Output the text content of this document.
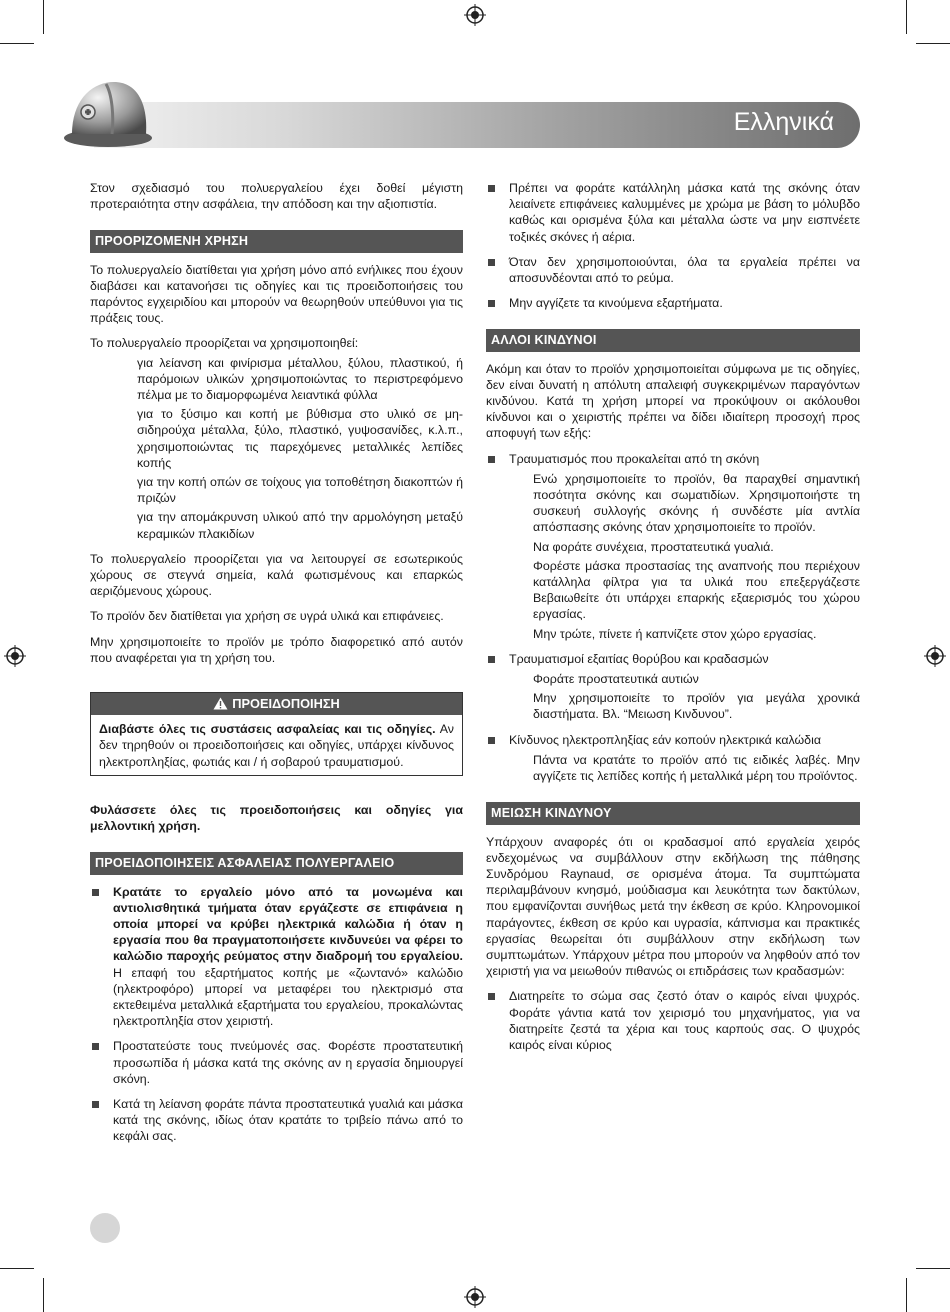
Ελληνικά

Στον σχεδιασμό του πολυεργαλείου έχει δοθεί μέγιστη προτεραιότητα στην ασφάλεια, την απόδοση και την αξιοπιστία.

ΠΡΟΟΡΙΖΟΜΕΝΗ ΧΡΗΣΗ

Το πολυεργαλείο διατίθεται για χρήση μόνο από ενήλικες που έχουν διαβάσει και κατανοήσει τις οδηγίες και τις προειδοποιήσεις του παρόντος εγχειριδίου και μπορούν να θεωρηθούν υπεύθυνοι για τις πράξεις τους.

Το πολυεργαλείο προορίζεται να χρησιμοποιηθεί:

για λείανση και φινίρισμα μέταλλου, ξύλου, πλαστικού, ή παρόμοιων υλικών χρησιμοποιώντας το περιστρεφόμενο πέλμα με το διαμορφωμένα λειαντικά φύλλα

για το ξύσιμο και κοπή με βύθισμα στο υλικό σε μη-σιδηρούχα μέταλλα, ξύλο, πλαστικό, γυψοσανίδες, κ.λ.π., χρησιμοποιώντας τις παρεχόμενες μεταλλικές λεπίδες κοπής

για την κοπή οπών σε τοίχους για τοποθέτηση διακοπτών ή πριζών

για την απομάκρυνση υλικού από την αρμολόγηση μεταξύ κεραμικών πλακιδίων

Το πολυεργαλείο προορίζεται για να λειτουργεί σε εσωτερικούς χώρους σε στεγνά σημεία, καλά φωτισμένους και επαρκώς αεριζόμενους χώρους.

Το προϊόν δεν διατίθεται για χρήση σε υγρά υλικά και επιφάνειες.

Μην χρησιμοποιείτε το προϊόν με τρόπο διαφορετικό από αυτόν που αναφέρεται για τη χρήση του.

ΠΡΟΕΙΔΟΠΟΙΗΣΗ
Διαβάστε όλες τις συστάσεις ασφαλείας και τις οδηγίες. Αν δεν τηρηθούν οι προειδοποιήσεις και οδηγίες, υπάρχει κίνδυνος ηλεκτροπληξίας, φωτιάς και / ή σοβαρού τραυματισμού.

Φυλάσσετε όλες τις προειδοποιήσεις και οδηγίες για μελλοντική χρήση.

ΠΡΟΕΙΔΟΠΟΙΗΣΕΙΣ ΑΣΦΑΛΕΙΑΣ ΠΟΛΥΕΡΓΑΛΕΙΟ
Κρατάτε το εργαλείο μόνο από τα μονωμένα και αντιολισθητικά τμήματα όταν εργάζεστε σε επιφάνεια η οποία μπορεί να κρύβει ηλεκτρικά καλώδια ή όταν η εργασία που θα πραγματοποιήσετε κινδυνεύει να φέρει το καλώδιο παροχής ρεύματος στην διαδρομή του εργαλείου. Η επαφή του εξαρτήματος κοπής με «ζωντανό» καλώδιο (ηλεκτροφόρο) μπορεί να μεταφέρει του ηλεκτρισμό στα εκτεθειμένα μεταλλικά εξαρτήματα του εργαλείου, προκαλώντας ηλεκτροπληξία στον χειριστή.
Προστατεύστε τους πνεύμονές σας. Φορέστε προστατευτική προσωπίδα ή μάσκα κατά της σκόνης αν η εργασία δημιουργεί σκόνη.
Κατά τη λείανση φοράτε πάντα προστατευτικά γυαλιά και μάσκα κατά της σκόνης, ιδίως όταν κρατάτε το τριβείο πάνω από το κεφάλι σας.
Πρέπει να φοράτε κατάλληλη μάσκα κατά της σκόνης όταν λειαίνετε επιφάνειες καλυμμένες με χρώμα με βάση το μόλυβδο καθώς και ορισμένα ξύλα και μέταλλα ώστε να μην εισπνέετε τοξικές σκόνες ή αέρια.
Όταν δεν χρησιμοποιούνται, όλα τα εργαλεία πρέπει να αποσυνδέονται από το ρεύμα.
Μην αγγίζετε τα κινούμενα εξαρτήματα.
ΑΛΛΟΙ ΚΙΝΔΥΝΟΙ

Ακόμη και όταν το προϊόν χρησιμοποιείται σύμφωνα με τις οδηγίες, δεν είναι δυνατή η απόλυτη απαλειφή συγκεκριμένων παραγόντων κινδύνου. Κατά τη χρήση μπορεί να προκύψουν οι ακόλουθοι κίνδυνοι και ο χειριστής πρέπει να δίδει ιδιαίτερη προσοχή προς αποφυγή των εξής:

Τραυματισμός που προκαλείται από τη σκόνη

Ενώ χρησιμοποιείτε το προϊόν, θα παραχθεί σημαντική ποσότητα σκόνης και σωματιδίων. Χρησιμοποιήστε τη συσκευή συλλογής σκόνης ή συνδέστε μία αντλία απόσπασης σκόνης όταν χρησιμοποιείτε το προϊόν.

Να φοράτε συνέχεια, προστατευτικά γυαλιά.

Φορέστε μάσκα προστασίας της αναπνοής που περιέχουν κατάλληλα φίλτρα για τα υλικά που επεξεργάζεστε Βεβαιωθείτε ότι υπάρχει επαρκής εξαερισμός του χώρου εργασίας.

Μην τρώτε, πίνετε ή καπνίζετε στον χώρο εργασίας.

Τραυματισμοί εξαιτίας θορύβου και κραδασμών

Φοράτε προστατευτικά αυτιών

Μην χρησιμοποιείτε το προϊόν για μεγάλα χρονικά διαστήματα. Βλ. “Μειωση Κινδυνου”.

Κίνδυνος ηλεκτροπληξίας εάν κοπούν ηλεκτρικά καλώδια

Πάντα να κρατάτε το προϊόν από τις ειδικές λαβές. Μην αγγίζετε τις λεπίδες κοπής ή μεταλλικά μέρη του προϊόντος.

ΜΕΙΩΣΗ ΚΙΝΔΥΝΟΥ

Υπάρχουν αναφορές ότι οι κραδασμοί από εργαλεία χειρός ενδεχομένως να συμβάλλουν στην εκδήλωση της πάθησης Συνδρόμου Raynaud, σε ορισμένα άτομα. Τα συμπτώματα περιλαμβάνουν κνησμό, μούδιασμα και λευκότητα των δακτύλων, που εμφανίζονται συνήθως μετά την έκθεση σε κρύο. Κληρονομικοί παράγοντες, έκθεση σε κρύο και υγρασία, κάπνισμα και πρακτικές εργασίας θεωρείται ότι συμβάλλουν στην εκδήλωση των συμπτωμάτων. Υπάρχουν μέτρα που μπορούν να ληφθούν από τον χειριστή για να μειωθούν πιθανώς οι επιδράσεις των κραδασμών:

Διατηρείτε το σώμα σας ζεστό όταν ο καιρός είναι ψυχρός. Φοράτε γάντια κατά τον χειρισμό του μηχανήματος, για να διατηρείτε ζεστά τα χέρια και τους καρπούς σας. Ο ψυχρός καιρός είναι κύριος
